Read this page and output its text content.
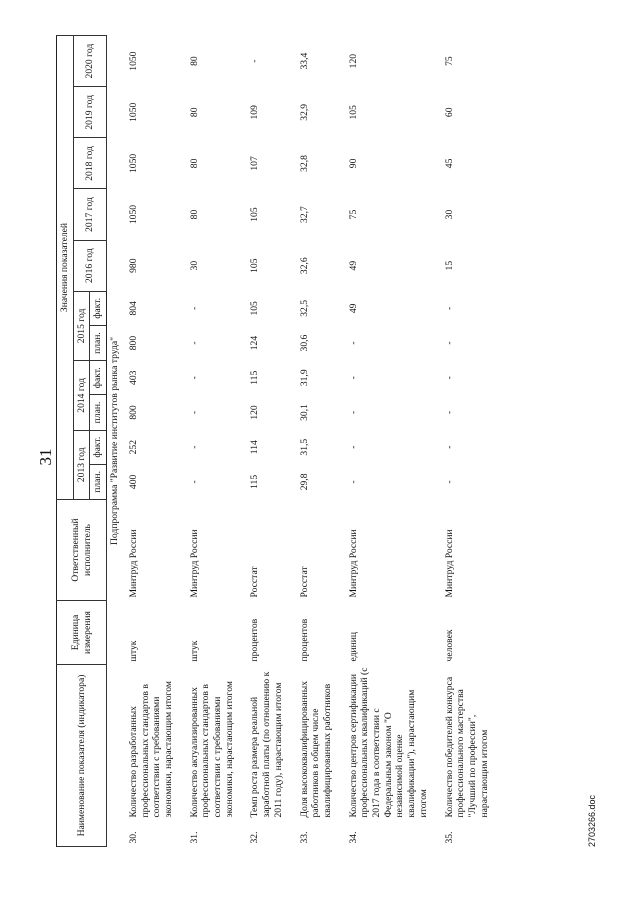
31
Наименование показателя (индикатора)		Единица измерения	Ответственный исполнитель	Значения показателей										
				2013 год		2014 год		2015 год		2016 год	2017 год	2018 год	2019 год	2020 год
				план.	факт.	план.	факт.	план.	факт.					
Подпрограмма "Развитие институтов рынка труда"														
30.	Количество разработанных профессиональных стандартов в соответствии с требованиями экономики, нарастающим итогом	штук	Минтруд России	400	252	800	403	800	804	980	1050	1050	1050	1050
31.	Количество актуализированных профессиональных стандартов в соответствии с требованиями экономики, нарастающим итогом	штук	Минтруд России	-	-	-	-	-	-	30	80	80	80	80
32.	Темп роста размера реальной заработной платы (по отношению к 2011 году), нарастающим итогом	процентов	Росстат	115	114	120	115	124	105	105	105	107	109	-
33.	Доля высококвалифицированных работников в общем числе квалифицированных работников	процентов	Росстат	29,8	31,5	30,1	31,9	30,6	32,5	32,6	32,7	32,8	32,9	33,4
34.	Количество центров сертификации профессиональных квалификаций (с 2017 года в соответствии с Федеральным законом "О независимой оценке квалификации"), нарастающим итогом	единиц	Минтруд России	-	-	-	-	-	49	49	75	90	105	120
35.	Количество победителей конкурса профессионального мастерства "Лучший по профессии", нарастающим итогом	человек	Минтруд России	-	-	-	-	-	-	15	30	45	60	75
2703266.doc
